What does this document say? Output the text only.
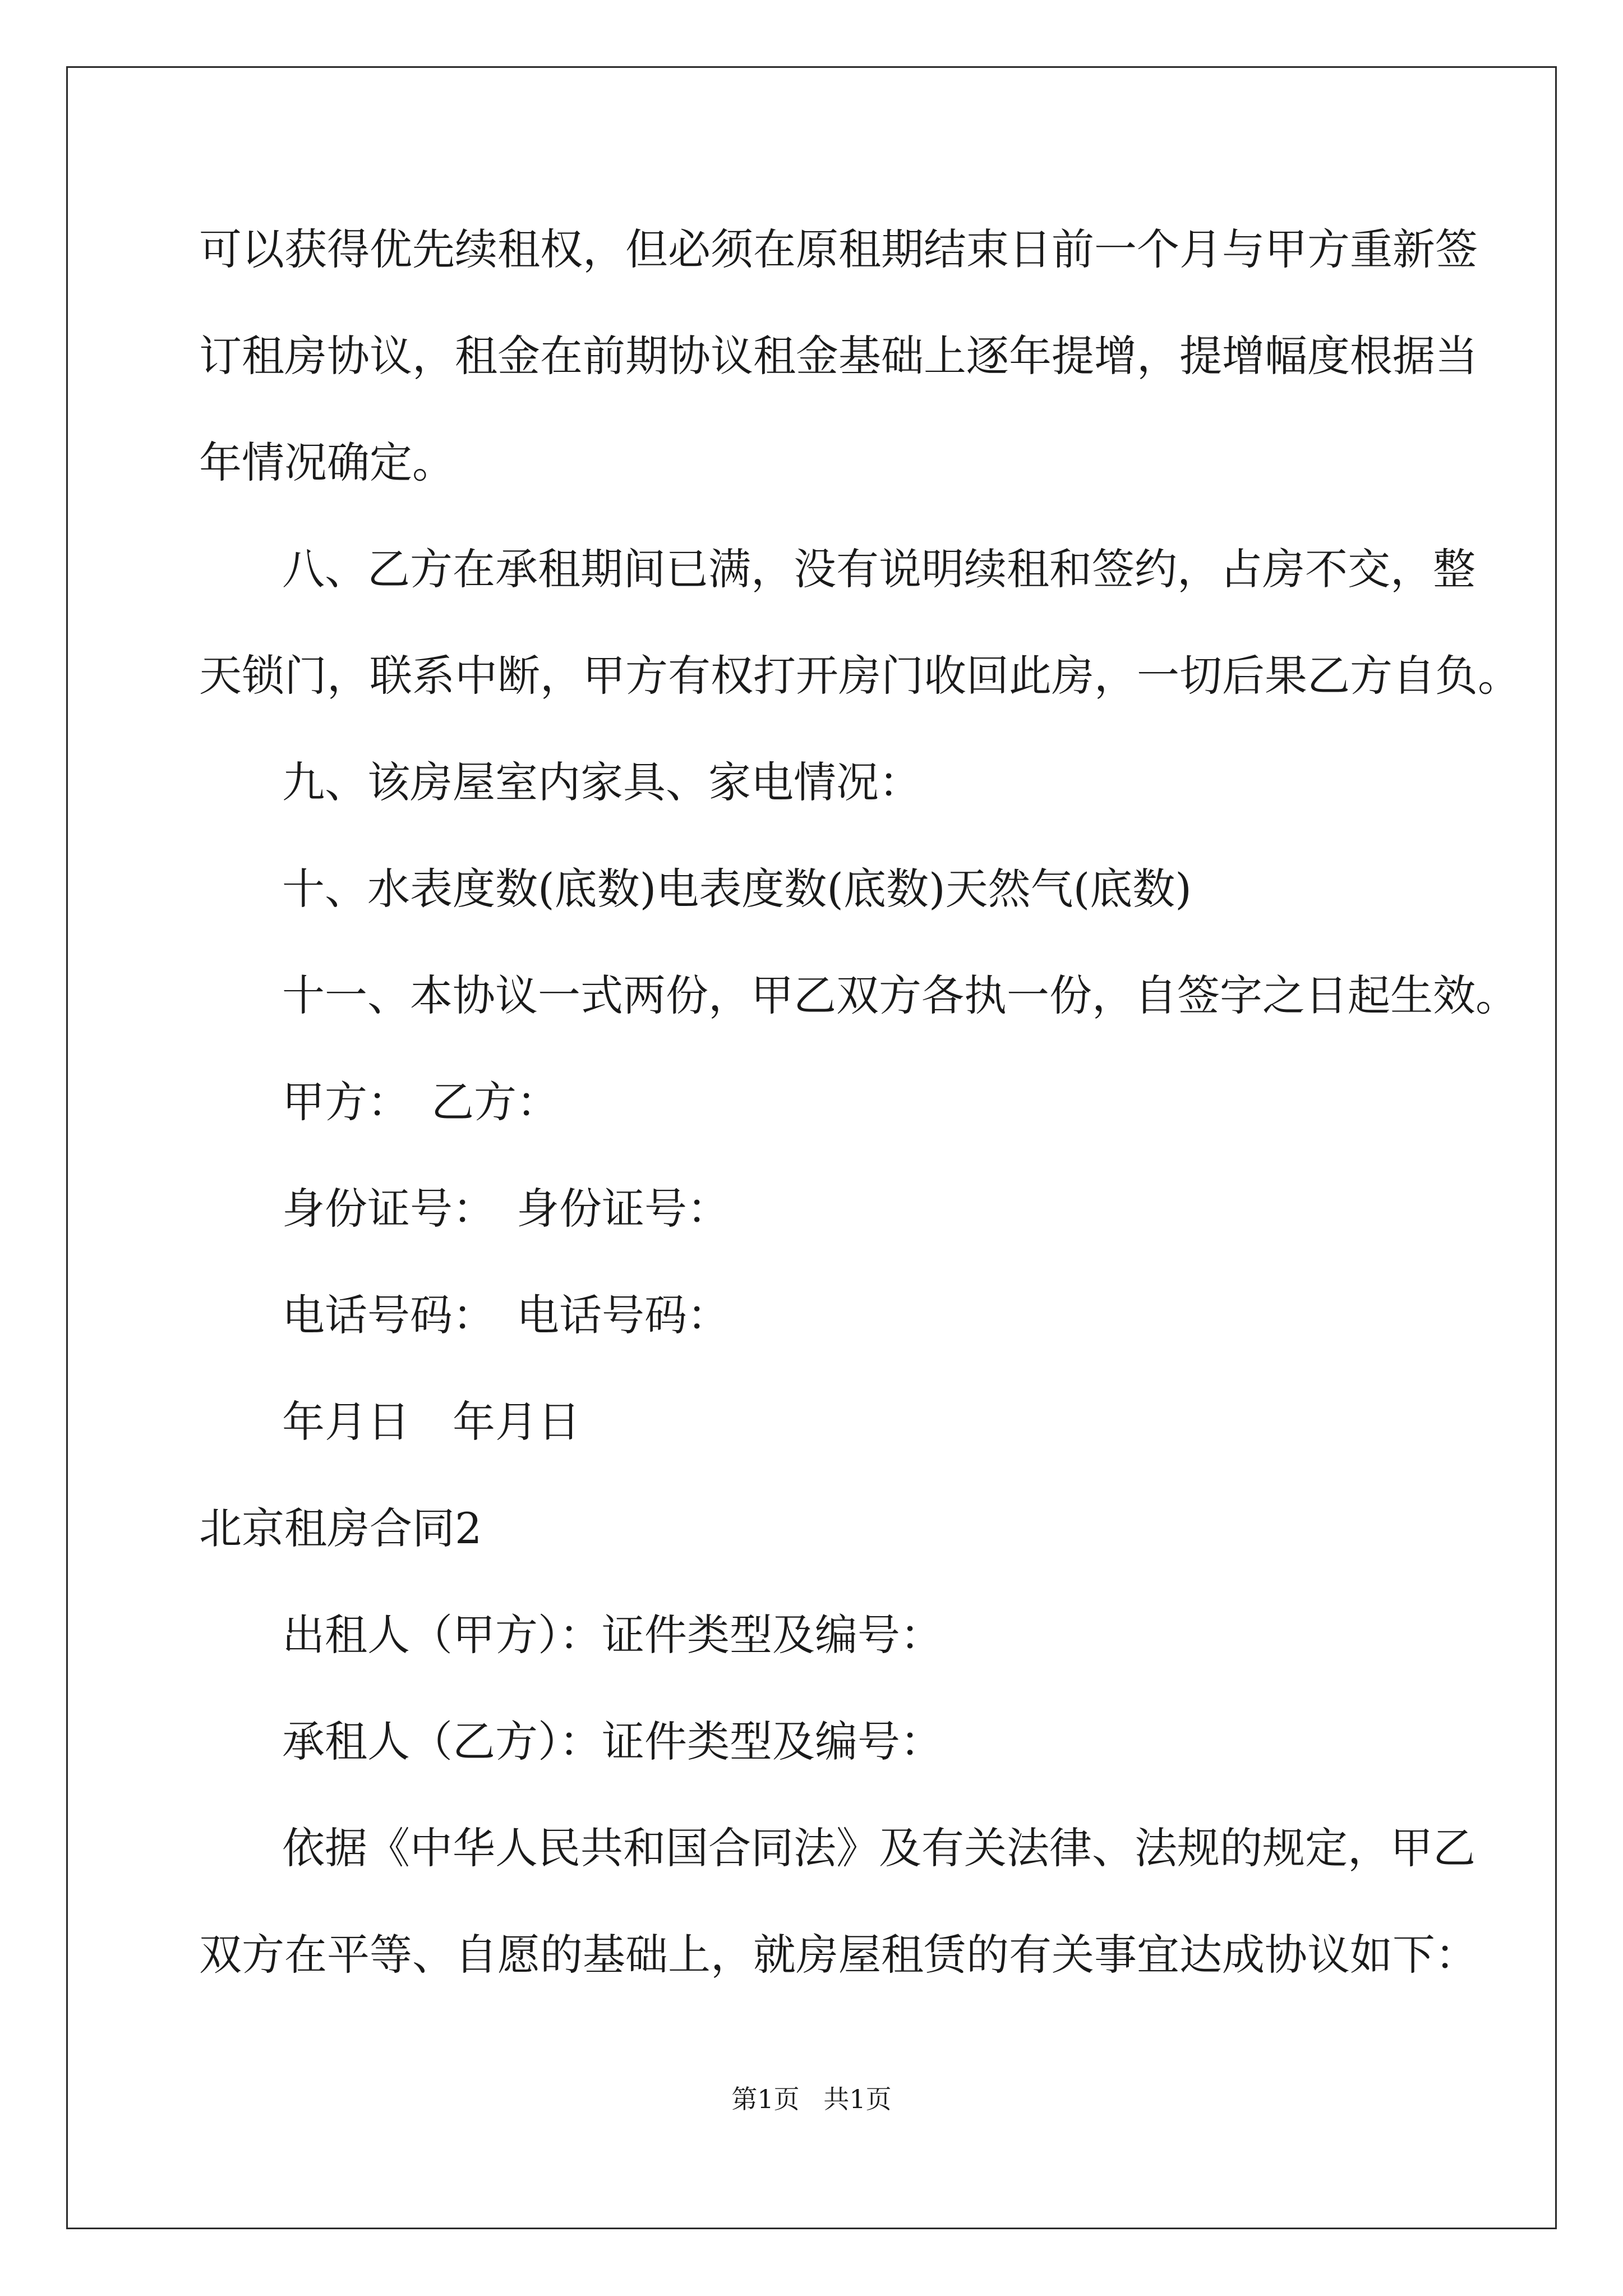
可以获得优先续租权，但必须在原租期结束日前一个月与甲方重新签
订租房协议，租金在前期协议租金基础上逐年提增，提增幅度根据当
年情况确定。
八、乙方在承租期间已满，没有说明续租和签约，占房不交，整
天锁门，联系中断，甲方有权打开房门收回此房，一切后果乙方自负。
九、该房屋室内家具、家电情况：
十、水表度数(底数)电表度数(底数)天然气(底数)
十一、本协议一式两份，甲乙双方各执一份，自签字之日起生效。
甲方：　乙方：
身份证号：　身份证号：
电话号码：　电话号码：
年月日　年月日
北京租房合同2
出租人（甲方）：证件类型及编号：
承租人（乙方）：证件类型及编号：
依据《中华人民共和国合同法》及有关法律、法规的规定，甲乙
双方在平等、自愿的基础上，就房屋租赁的有关事宜达成协议如下：
第1页 共1页
